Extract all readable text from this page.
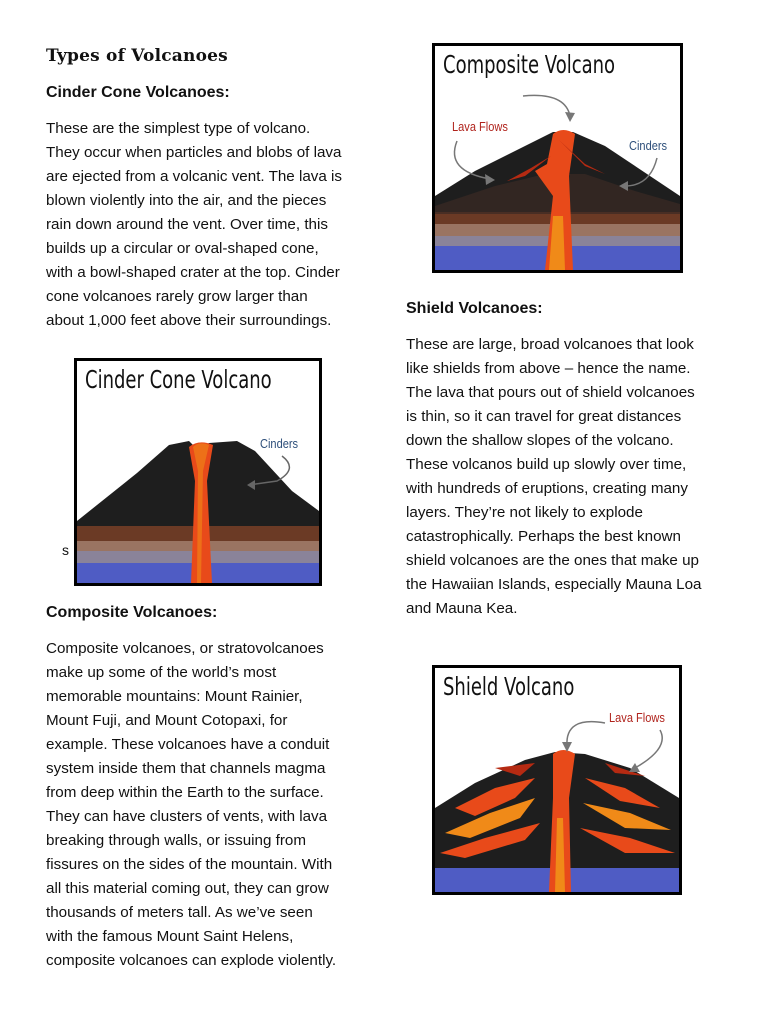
Types of Volcanoes
Cinder Cone Volcanoes:
These are the simplest type of volcano.
They occur when particles and blobs of lava
are ejected from a volcanic vent. The lava is
blown violently into the air, and the pieces
rain down around the vent. Over time, this
builds up a circular or oval-shaped cone,
with a bowl-shaped crater at the top. Cinder
cone volcanoes rarely grow larger than
about 1,000 feet above their surroundings.
Cinder Cone Volcano
Cinders
s
Composite Volcanoes:
Composite volcanoes, or stratovolcanoes
make up some of the world’s most
memorable mountains: Mount Rainier,
Mount Fuji, and Mount Cotopaxi, for
example. These volcanoes have a conduit
system inside them that channels magma
from deep within the Earth to the surface.
They can have clusters of vents, with lava
breaking through walls, or issuing from
fissures on the sides of the mountain. With
all this material coming out, they can grow
thousands of meters tall. As we’ve seen
with the famous Mount Saint Helens,
composite volcanoes can explode violently.
Composite Volcano
Lava Flows
Cinders
Shield Volcanoes:
These are large, broad volcanoes that look
like shields from above – hence the name.
The lava that pours out of shield volcanoes
is thin, so it can travel for great distances
down the shallow slopes of the volcano.
These volcanos build up slowly over time,
with hundreds of eruptions, creating many
layers. They’re not likely to explode
catastrophically. Perhaps the best known
shield volcanoes are the ones that make up
the Hawaiian Islands, especially Mauna Loa
and Mauna Kea.
Shield Volcano
Lava Flows
